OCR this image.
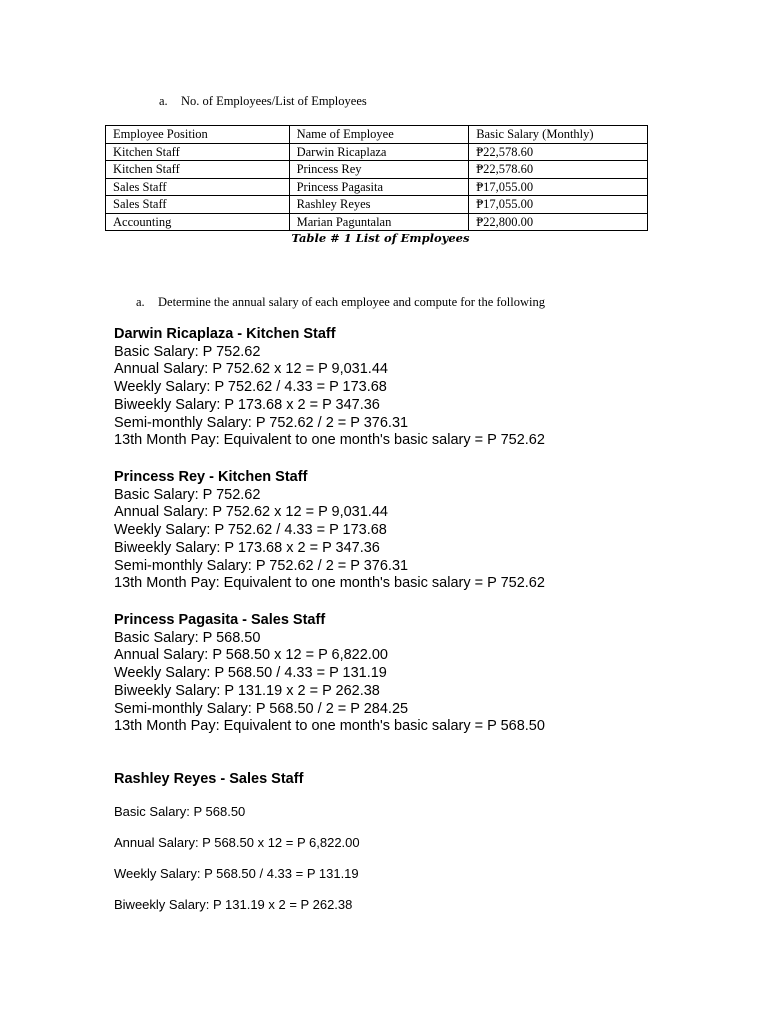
a. No. of Employees/List of Employees
Employee Position	Name of Employee	Basic Salary (Monthly)
Kitchen Staff	Darwin Ricaplaza	₱22,578.60
Kitchen Staff	Princess Rey	₱22,578.60
Sales Staff	Princess Pagasita	₱17,055.00
Sales Staff	Rashley Reyes	₱17,055.00
Accounting	Marian Paguntalan	₱22,800.00
Table # 1 List of Employees
a. Determine the annual salary of each employee and compute for the following
Darwin Ricaplaza - Kitchen Staff
Basic Salary: P 752.62
Annual Salary: P 752.62 x 12 = P 9,031.44
Weekly Salary: P 752.62 / 4.33 = P 173.68
Biweekly Salary: P 173.68 x 2 = P 347.36
Semi-monthly Salary: P 752.62 / 2 = P 376.31
13th Month Pay: Equivalent to one month's basic salary = P 752.62
Princess Rey - Kitchen Staff
Basic Salary: P 752.62
Annual Salary: P 752.62 x 12 = P 9,031.44
Weekly Salary: P 752.62 / 4.33 = P 173.68
Biweekly Salary: P 173.68 x 2 = P 347.36
Semi-monthly Salary: P 752.62 / 2 = P 376.31
13th Month Pay: Equivalent to one month's basic salary = P 752.62
Princess Pagasita - Sales Staff
Basic Salary: P 568.50
Annual Salary: P 568.50 x 12 = P 6,822.00
Weekly Salary: P 568.50 / 4.33 = P 131.19
Biweekly Salary: P 131.19 x 2 = P 262.38
Semi-monthly Salary: P 568.50 / 2 = P 284.25
13th Month Pay: Equivalent to one month's basic salary = P 568.50
Rashley Reyes - Sales Staff
Basic Salary: P 568.50
Annual Salary: P 568.50 x 12 = P 6,822.00
Weekly Salary: P 568.50 / 4.33 = P 131.19
Biweekly Salary: P 131.19 x 2 = P 262.38
